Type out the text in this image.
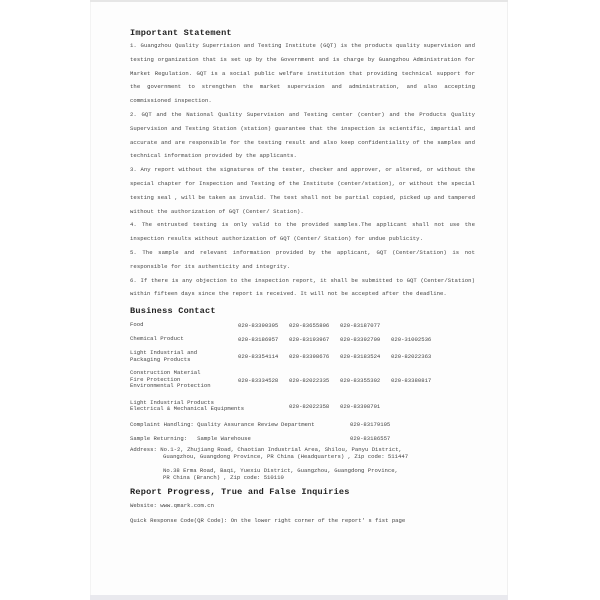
Important Statement

1. Guangzhou Quality Superrision and Testing Institute (GQT) is the products quality supervision and testing organization that is set up by the Government and is charge by Guangzhou Administration for Market Regulation. GQT is a social public welfare institution that providing technical support for the government to strengthen the market supervision and administration, and also accepting commissioned inspection.

2. GQT and the National Quality Supervision and Testing center (center) and the Products Quality Supervision and Testing Station (station) guarantee that the inspection is scientific, impartial and accurate and are responsible for the testing result and also keep confidentiality of the samples and technical information provided by the applicants.

3. Any report without the signatures of the tester, checker and approver, or altered, or without the special chapter for Inspection and Testing of the Institute (center/station), or without the special testing seal , will be taken as invalid. The test shall not be partial copied, picked up and tampered without the authorization of GQT (Center/ Station).

4. The entrusted testing is only valid to the provided samples.The applicant shall not use the inspection results without authorization of GQT (Center/ Station) for undue publicity.

5. The sample and relevant information provided by the applicant, GQT (Center/Station) is not responsible for its authenticity and integrity.

6. If there is any objection to the inspection report, it shall be submitted to GQT (Center/Station) within fifteen days since the report is received. It will not be accepted after the deadline.

Business Contact
Food	020-83390395	020-83655806	020-83187077
Chemical Product	020-83186957	020-83193967	020-83392709	020-31002536
Light Industrial and
Packaging Products	020-83354114	020-83398676	020-83183524	020-82022363
Construction Material
Fire Protection
Environmental Protection
020-83334528	020-82022335	020-83355302	020-83380817
Light Industrial Products
Electrical & Mechanical Equipments	020-82022358	020-83398701
Complaint Handling: Quality Assurance Review Department	020-83179105
Sample Returning:   Sample Warehouse	020-83186557
Address: No.1-2, Zhujiang Road, Chaotian Industrial Area, Shilou, Panyu District,
Guangzhou, Guangdong Province, PR China (Headquarters) , Zip code: 511447
No.38 Erma Road, Baqi, Yuexiu District, Guangzhou, Guangdong Province,
PR China (Branch) , Zip code: 510110
Report Progress, True and False Inquiries
Website: www.qmark.com.cn
Quick Response Code(QR Code): On the lower right corner of the report' s fist page
